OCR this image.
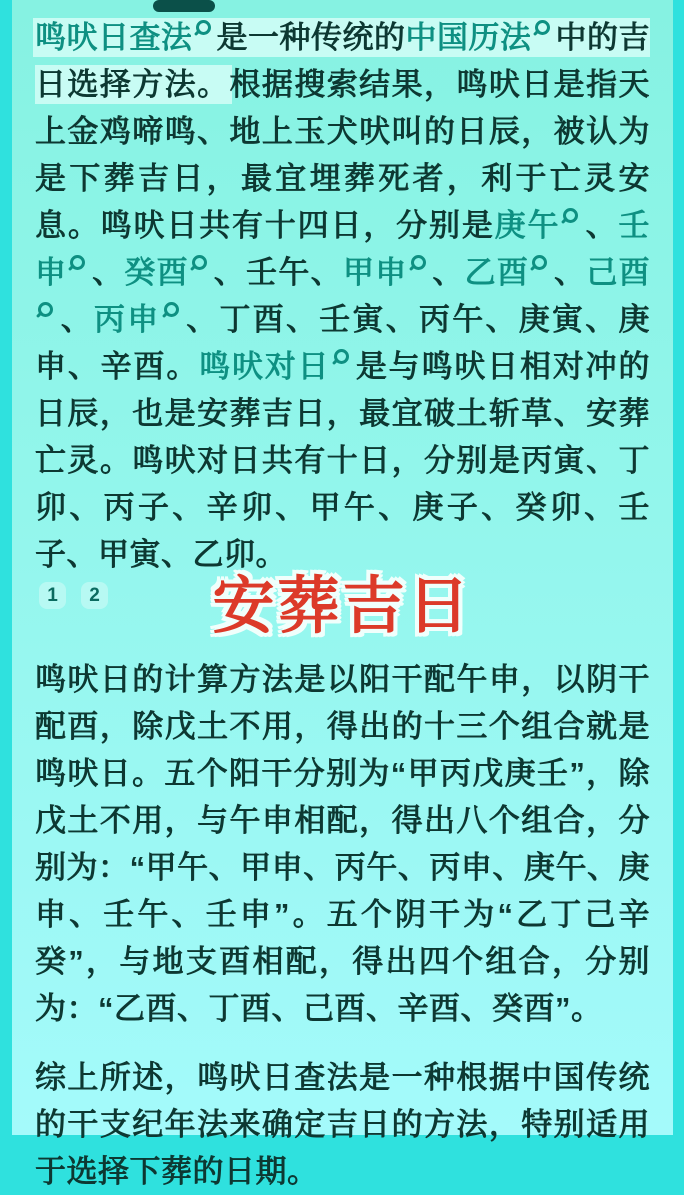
鸣吠日查法 是一种传统的中国历法 中的吉日选择方法。根据搜索结果，鸣吠日是指天上金鸡啼鸣、地上玉犬吠叫的日辰，被认为是下葬吉日，最宜埋葬死者，利于亡灵安息。鸣吠日共有十四日，分别是庚午 、壬申 、癸酉 、壬午、甲申 、乙酉 、己酉、丙申 、丁酉、壬寅、丙午、庚寅、庚申、辛酉。鸣吠对日 是与鸣吠日相对冲的日辰，也是安葬吉日，最宜破土斩草、安葬亡灵。鸣吠对日共有十日，分别是丙寅、丁卯、丙子、辛卯、甲午、庚子、癸卯、壬子、甲寅、乙卯。

1	2 安葬吉日

鸣吠日的计算方法是以阳干配午申，以阴干配酉，除戊土不用，得出的十三个组合就是鸣吠日。五个阳干分别为“甲丙戊庚壬”，除戊土不用，与午申相配，得出八个组合，分别为：“甲午、甲申、丙午、丙申、庚午、庚申、壬午、壬申”。五个阴干为“乙丁己辛癸”，与地支酉相配，得出四个组合，分别为：“乙酉、丁酉、己酉、辛酉、癸酉”。

综上所述，鸣吠日查法是一种根据中国传统的干支纪年法来确定吉日的方法，特别适用于选择下葬的日期。
